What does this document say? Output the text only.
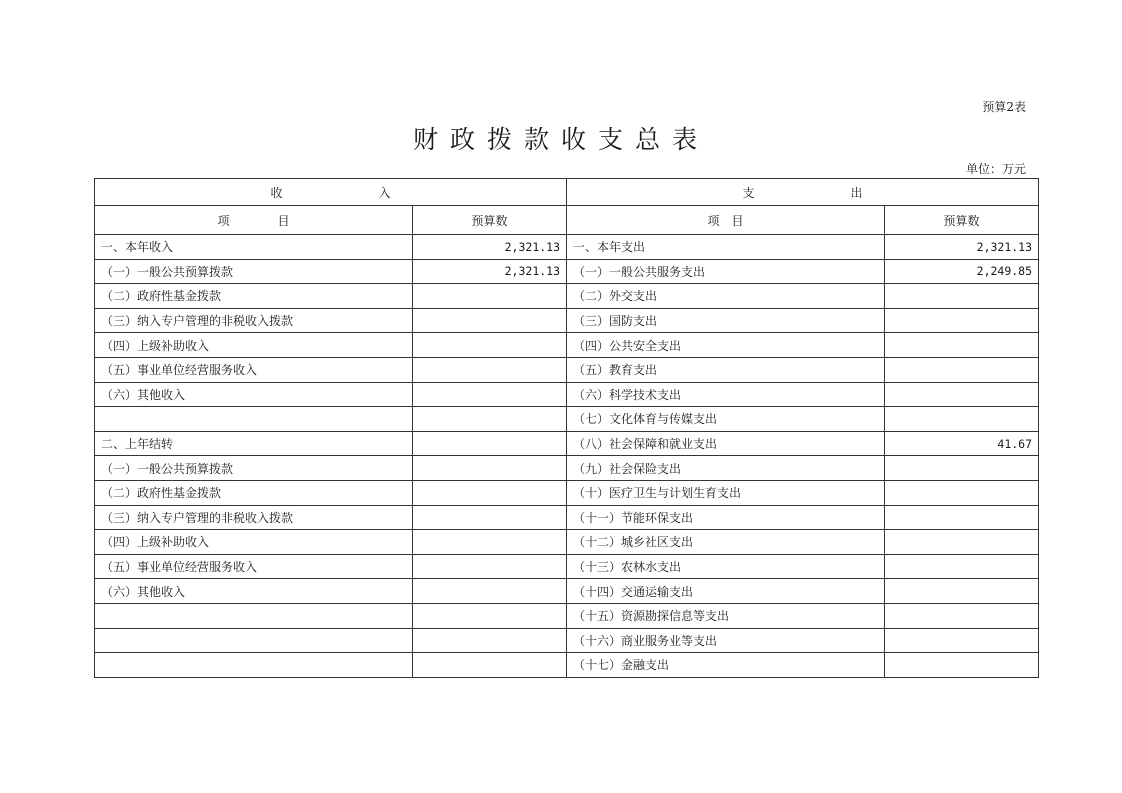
预算2表
财政拨款收支总表
单位：万元
收　　　　　　　　入		支　　　　　　　　出	
项　　　　目	预算数	项　目	预算数
一、本年收入	2,321.13	一、本年支出	2,321.13
（一）一般公共预算拨款	2,321.13	（一）一般公共服务支出	2,249.85
（二）政府性基金拨款		（二）外交支出	
（三）纳入专户管理的非税收入拨款		（三）国防支出	
（四）上级补助收入		（四）公共安全支出	
（五）事业单位经营服务收入		（五）教育支出	
（六）其他收入		（六）科学技术支出	
		（七）文化体育与传媒支出	
二、上年结转		（八）社会保障和就业支出	41.67
（一）一般公共预算拨款		（九）社会保险支出	
（二）政府性基金拨款		（十）医疗卫生与计划生育支出	
（三）纳入专户管理的非税收入拨款		（十一）节能环保支出	
（四）上级补助收入		（十二）城乡社区支出	
（五）事业单位经营服务收入		（十三）农林水支出	
（六）其他收入		（十四）交通运输支出	
		（十五）资源勘探信息等支出	
		（十六）商业服务业等支出	
		（十七）金融支出	
